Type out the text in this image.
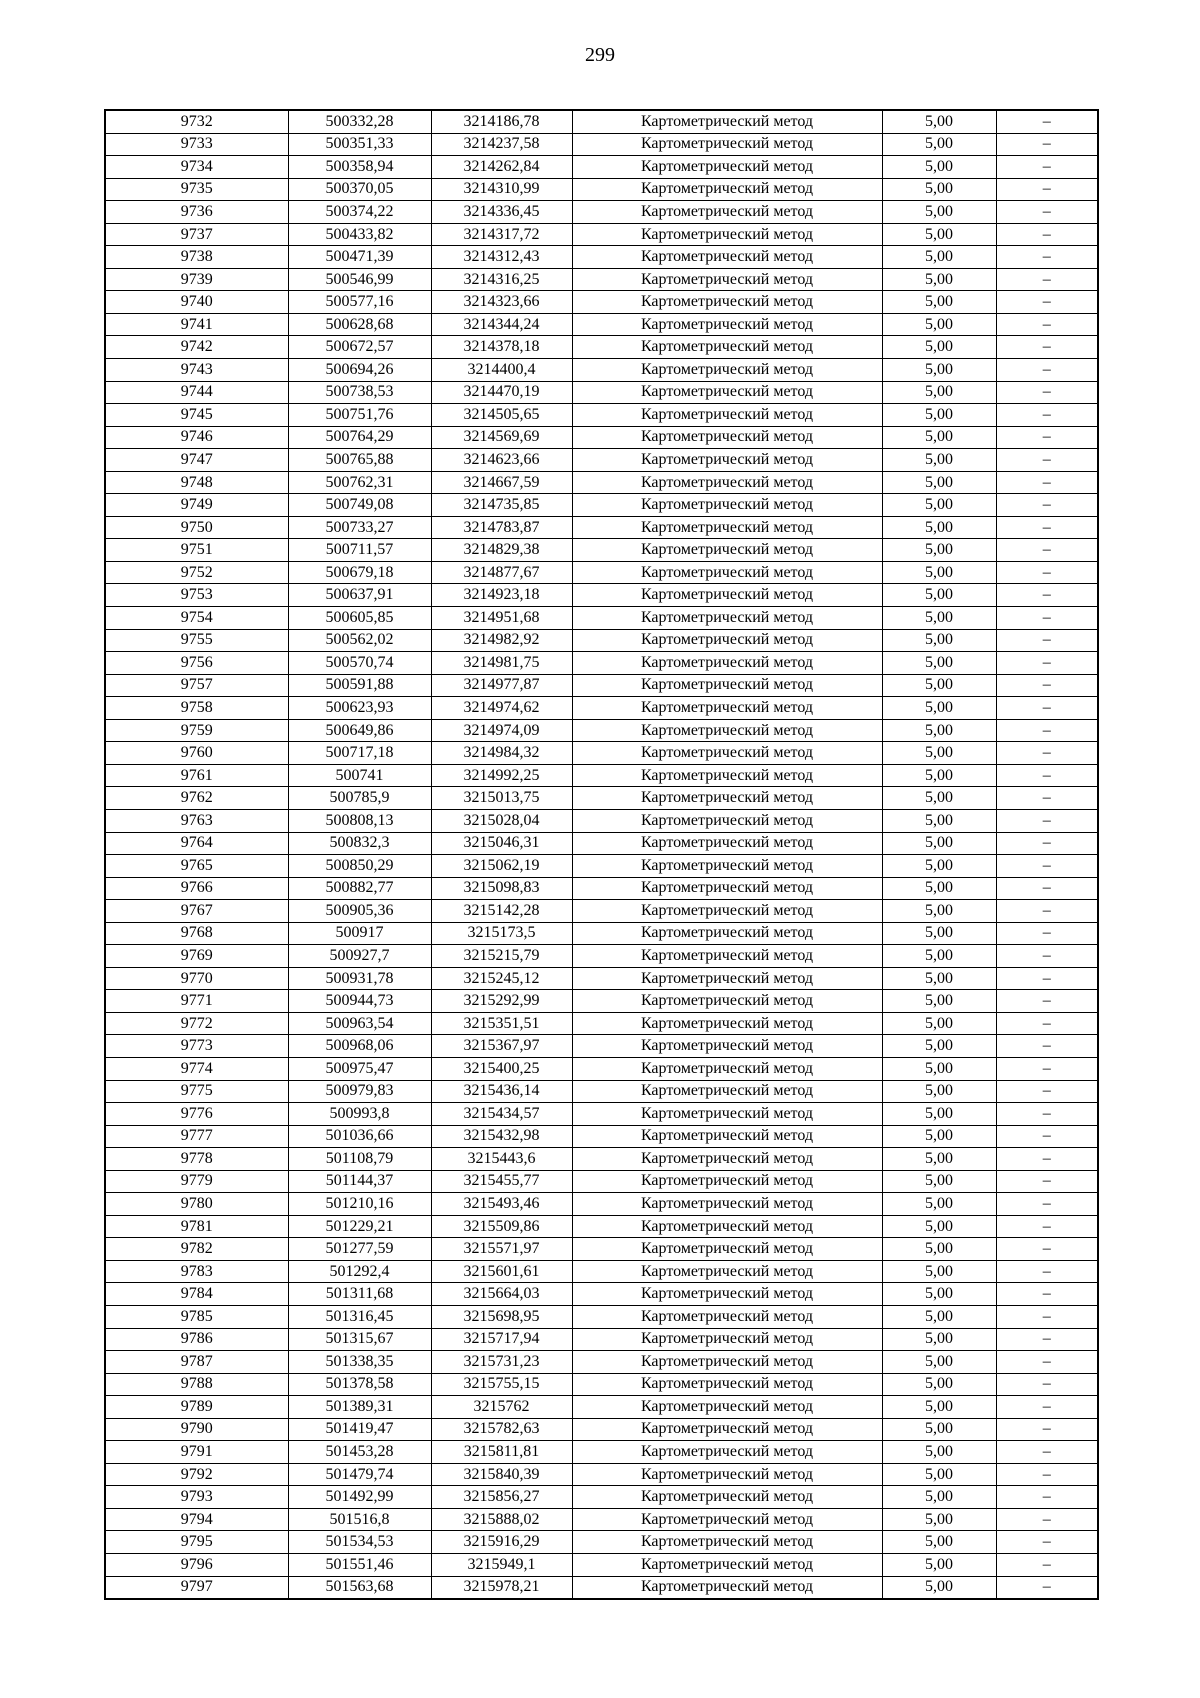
299
9732	500332,28	3214186,78	Картометрический метод	5,00	–
9733	500351,33	3214237,58	Картометрический метод	5,00	–
9734	500358,94	3214262,84	Картометрический метод	5,00	–
9735	500370,05	3214310,99	Картометрический метод	5,00	–
9736	500374,22	3214336,45	Картометрический метод	5,00	–
9737	500433,82	3214317,72	Картометрический метод	5,00	–
9738	500471,39	3214312,43	Картометрический метод	5,00	–
9739	500546,99	3214316,25	Картометрический метод	5,00	–
9740	500577,16	3214323,66	Картометрический метод	5,00	–
9741	500628,68	3214344,24	Картометрический метод	5,00	–
9742	500672,57	3214378,18	Картометрический метод	5,00	–
9743	500694,26	3214400,4	Картометрический метод	5,00	–
9744	500738,53	3214470,19	Картометрический метод	5,00	–
9745	500751,76	3214505,65	Картометрический метод	5,00	–
9746	500764,29	3214569,69	Картометрический метод	5,00	–
9747	500765,88	3214623,66	Картометрический метод	5,00	–
9748	500762,31	3214667,59	Картометрический метод	5,00	–
9749	500749,08	3214735,85	Картометрический метод	5,00	–
9750	500733,27	3214783,87	Картометрический метод	5,00	–
9751	500711,57	3214829,38	Картометрический метод	5,00	–
9752	500679,18	3214877,67	Картометрический метод	5,00	–
9753	500637,91	3214923,18	Картометрический метод	5,00	–
9754	500605,85	3214951,68	Картометрический метод	5,00	–
9755	500562,02	3214982,92	Картометрический метод	5,00	–
9756	500570,74	3214981,75	Картометрический метод	5,00	–
9757	500591,88	3214977,87	Картометрический метод	5,00	–
9758	500623,93	3214974,62	Картометрический метод	5,00	–
9759	500649,86	3214974,09	Картометрический метод	5,00	–
9760	500717,18	3214984,32	Картометрический метод	5,00	–
9761	500741	3214992,25	Картометрический метод	5,00	–
9762	500785,9	3215013,75	Картометрический метод	5,00	–
9763	500808,13	3215028,04	Картометрический метод	5,00	–
9764	500832,3	3215046,31	Картометрический метод	5,00	–
9765	500850,29	3215062,19	Картометрический метод	5,00	–
9766	500882,77	3215098,83	Картометрический метод	5,00	–
9767	500905,36	3215142,28	Картометрический метод	5,00	–
9768	500917	3215173,5	Картометрический метод	5,00	–
9769	500927,7	3215215,79	Картометрический метод	5,00	–
9770	500931,78	3215245,12	Картометрический метод	5,00	–
9771	500944,73	3215292,99	Картометрический метод	5,00	–
9772	500963,54	3215351,51	Картометрический метод	5,00	–
9773	500968,06	3215367,97	Картометрический метод	5,00	–
9774	500975,47	3215400,25	Картометрический метод	5,00	–
9775	500979,83	3215436,14	Картометрический метод	5,00	–
9776	500993,8	3215434,57	Картометрический метод	5,00	–
9777	501036,66	3215432,98	Картометрический метод	5,00	–
9778	501108,79	3215443,6	Картометрический метод	5,00	–
9779	501144,37	3215455,77	Картометрический метод	5,00	–
9780	501210,16	3215493,46	Картометрический метод	5,00	–
9781	501229,21	3215509,86	Картометрический метод	5,00	–
9782	501277,59	3215571,97	Картометрический метод	5,00	–
9783	501292,4	3215601,61	Картометрический метод	5,00	–
9784	501311,68	3215664,03	Картометрический метод	5,00	–
9785	501316,45	3215698,95	Картометрический метод	5,00	–
9786	501315,67	3215717,94	Картометрический метод	5,00	–
9787	501338,35	3215731,23	Картометрический метод	5,00	–
9788	501378,58	3215755,15	Картометрический метод	5,00	–
9789	501389,31	3215762	Картометрический метод	5,00	–
9790	501419,47	3215782,63	Картометрический метод	5,00	–
9791	501453,28	3215811,81	Картометрический метод	5,00	–
9792	501479,74	3215840,39	Картометрический метод	5,00	–
9793	501492,99	3215856,27	Картометрический метод	5,00	–
9794	501516,8	3215888,02	Картометрический метод	5,00	–
9795	501534,53	3215916,29	Картометрический метод	5,00	–
9796	501551,46	3215949,1	Картометрический метод	5,00	–
9797	501563,68	3215978,21	Картометрический метод	5,00	–
